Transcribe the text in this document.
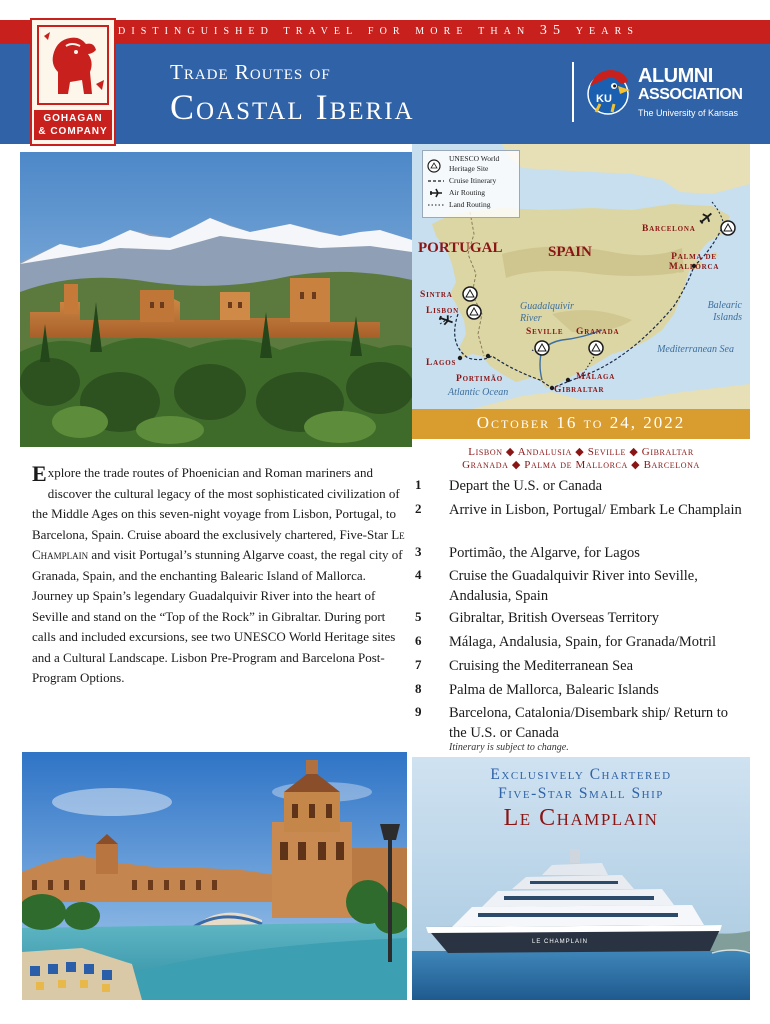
distinguished travel for more than 35 years
GOHAGAN
& COMPANY
Trade Routes of
Coastal Iberia	KU
ALUMNI
ASSOCIATION
The University of Kansas
UNESCO World Heritage Site
Cruise Itinerary
Air Routing
Land Routing
PORTUGAL	SPAIN
Barcelona
Palma de Mallorca
Sintra
Lisbon
Seville Granada
Lagos
Portimão	Málaga
Gibraltar
Guadalquivir River
Balearic Islands
Mediterranean Sea
Atlantic Ocean
October 16 to 24, 2022
Lisbon ◆ Andalusia ◆ Seville ◆ Gibraltar
Granada ◆ Palma de Mallorca ◆ Barcelona
Explore the trade routes of Phoenician and Roman mariners and discover the cultural legacy of the most sophisticated civilization of the Middle Ages on this seven-night voyage from Lisbon, Portugal, to Barcelona, Spain. Cruise aboard the exclusively chartered, Five-Star Le Champlain and visit Portugal’s stunning Algarve coast, the regal city of Granada, Spain, and the enchanting Balearic Island of Mallorca. Journey up Spain’s legendary Guadalquivir River into the heart of Seville and stand on the “Top of the Rock” in Gibraltar. During port calls and included excursions, see two UNESCO World Heritage sites and a Cultural Landscape. Lisbon Pre-Program and Barcelona Post-Program Options.
1	Depart the U.S. or Canada
2	Arrive in Lisbon, Portugal/ Embark Le Champlain
3	Portimão, the Algarve, for Lagos
4	Cruise the Guadalquivir River into Seville, Andalusia, Spain
5	Gibraltar, British Overseas Territory
6	Málaga, Andalusia, Spain, for Granada/Motril
7	Cruising the Mediterranean Sea
8	Palma de Mallorca, Balearic Islands
9	Barcelona, Catalonia/Disembark ship/ Return to the U.S. or Canada
Itinerary is subject to change.
LE CHAMPLAIN
Exclusively Chartered
Five-Star Small Ship
Le Champlain
